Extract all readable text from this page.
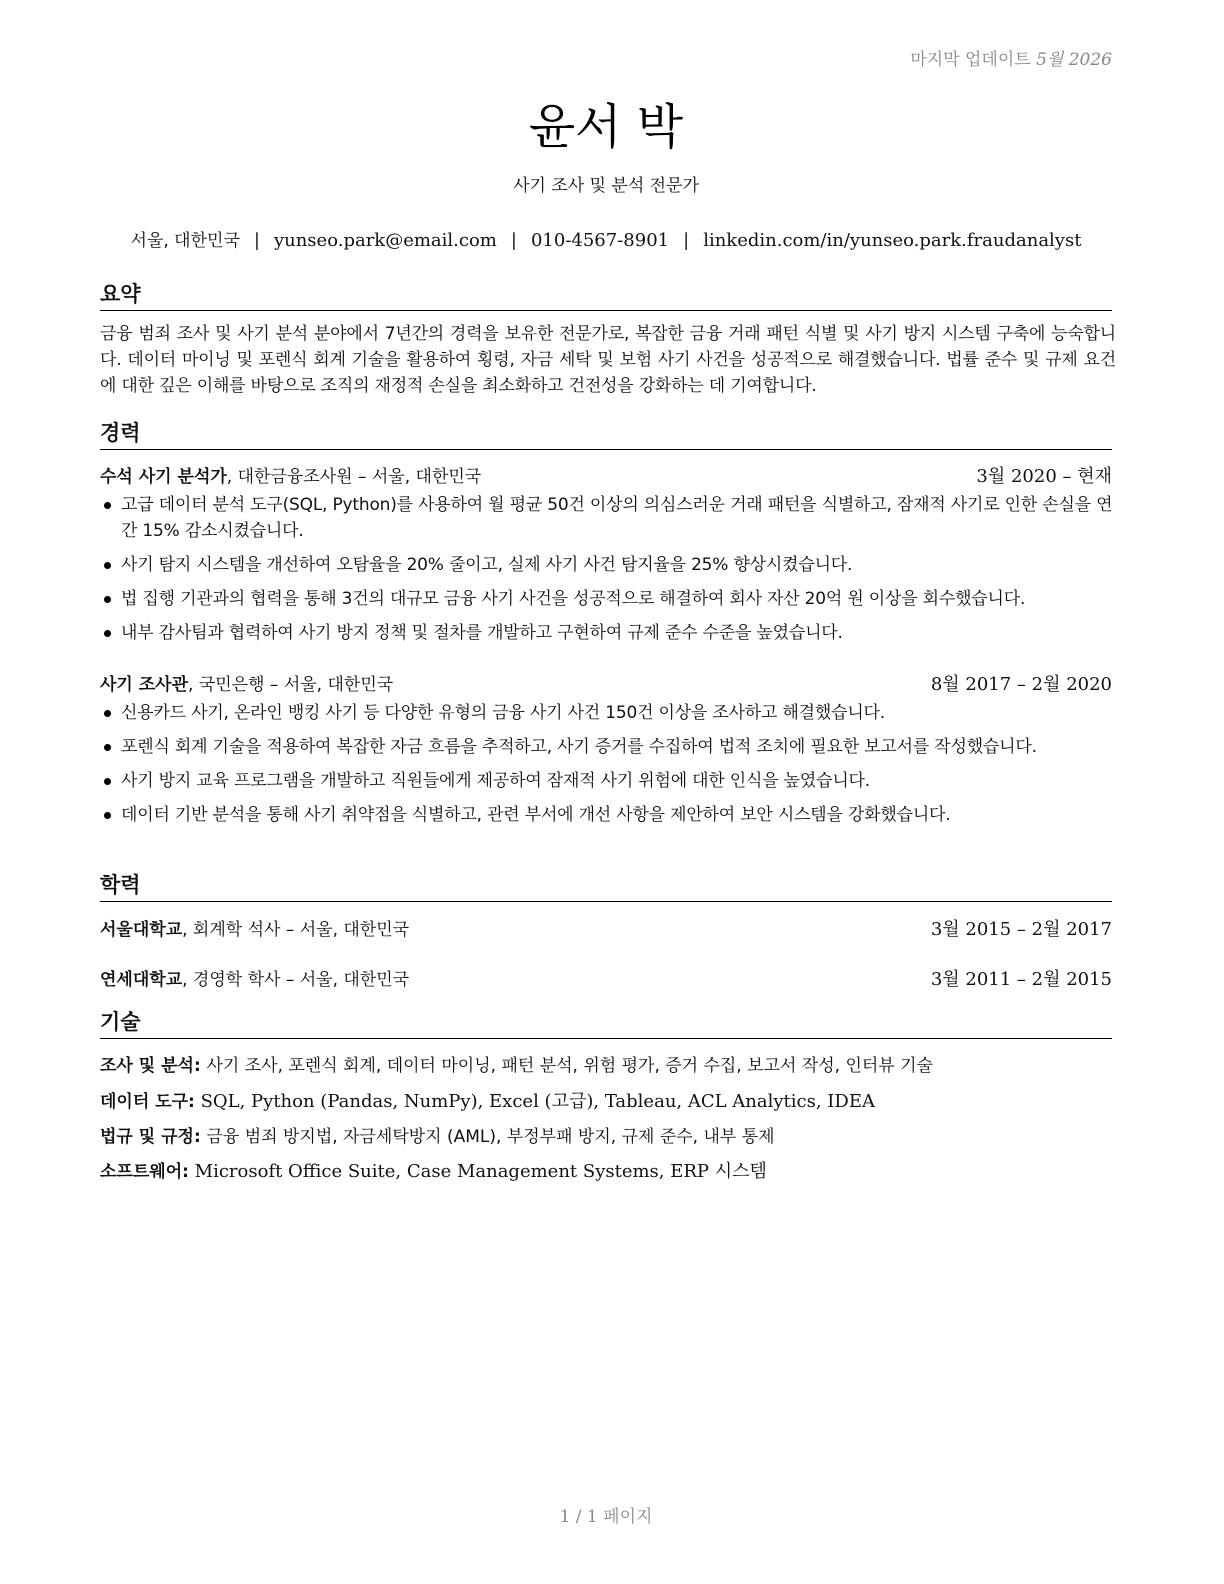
마지막 업데이트 5월 2026
윤서 박
사기 조사 및 분석 전문가
서울, 대한민국 | yunseo.park@email.com | 010-4567-8901 | linkedin.com/in/yunseo.park.fraudanalyst
요약
금융 범죄 조사 및 사기 분석 분야에서 7년간의 경력을 보유한 전문가로, 복잡한 금융 거래 패턴 식별 및 사기 방지 시스템 구축에 능숙합니다. 데이터 마이닝 및 포렌식 회계 기술을 활용하여 횡령, 자금 세탁 및 보험 사기 사건을 성공적으로 해결했습니다. 법률 준수 및 규제 요건에 대한 깊은 이해를 바탕으로 조직의 재정적 손실을 최소화하고 건전성을 강화하는 데 기여합니다.
경력
수석 사기 분석가, 대한금융조사원 – 서울, 대한민국	3월 2020 – 현재
고급 데이터 분석 도구(SQL, Python)를 사용하여 월 평균 50건 이상의 의심스러운 거래 패턴을 식별하고, 잠재적 사기로 인한 손실을 연간 15% 감소시켰습니다.
사기 탐지 시스템을 개선하여 오탐율을 20% 줄이고, 실제 사기 사건 탐지율을 25% 향상시켰습니다.
법 집행 기관과의 협력을 통해 3건의 대규모 금융 사기 사건을 성공적으로 해결하여 회사 자산 20억 원 이상을 회수했습니다.
내부 감사팀과 협력하여 사기 방지 정책 및 절차를 개발하고 구현하여 규제 준수 수준을 높였습니다.
사기 조사관, 국민은행 – 서울, 대한민국	8월 2017 – 2월 2020
신용카드 사기, 온라인 뱅킹 사기 등 다양한 유형의 금융 사기 사건 150건 이상을 조사하고 해결했습니다.
포렌식 회계 기술을 적용하여 복잡한 자금 흐름을 추적하고, 사기 증거를 수집하여 법적 조치에 필요한 보고서를 작성했습니다.
사기 방지 교육 프로그램을 개발하고 직원들에게 제공하여 잠재적 사기 위험에 대한 인식을 높였습니다.
데이터 기반 분석을 통해 사기 취약점을 식별하고, 관련 부서에 개선 사항을 제안하여 보안 시스템을 강화했습니다.
학력
서울대학교, 회계학 석사 – 서울, 대한민국	3월 2015 – 2월 2017
연세대학교, 경영학 학사 – 서울, 대한민국	3월 2011 – 2월 2015
기술
조사 및 분석: 사기 조사, 포렌식 회계, 데이터 마이닝, 패턴 분석, 위험 평가, 증거 수집, 보고서 작성, 인터뷰 기술
데이터 도구: SQL, Python (Pandas, NumPy), Excel (고급), Tableau, ACL Analytics, IDEA
법규 및 규정: 금융 범죄 방지법, 자금세탁방지 (AML), 부정부패 방지, 규제 준수, 내부 통제
소프트웨어: Microsoft Office Suite, Case Management Systems, ERP 시스템
1 / 1 페이지
